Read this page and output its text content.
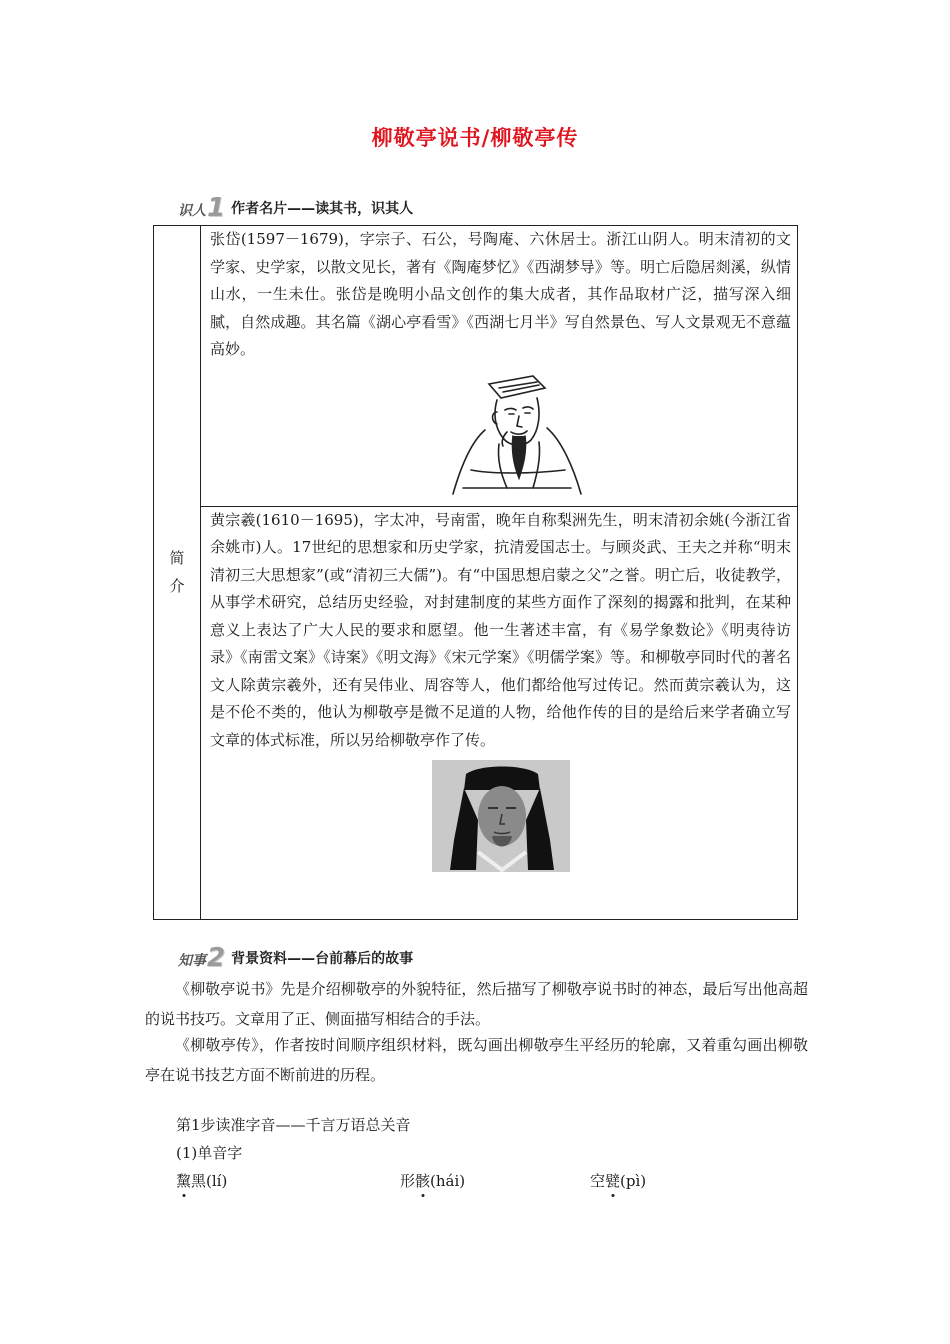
柳敬亭说书/柳敬亭传
识人 1 作者名片——读其书，识其人
简
介

张岱(1597－1679)，字宗子、石公，号陶庵、六休居士。浙江山阴人。明末清初的文学家、史学家，以散文见长，著有《陶庵梦忆》《西湖梦导》等。明亡后隐居剡溪，纵情山水，一生未仕。张岱是晚明小品文创作的集大成者，其作品取材广泛，描写深入细腻，自然成趣。其名篇《湖心亭看雪》《西湖七月半》写自然景色、写人文景观无不意蕴高妙。

黄宗羲(1610－1695)，字太冲，号南雷，晚年自称梨洲先生，明末清初余姚(今浙江省余姚市)人。17世纪的思想家和历史学家，抗清爱国志士。与顾炎武、王夫之并称“明末清初三大思想家”(或“清初三大儒”)。有“中国思想启蒙之父”之誉。明亡后，收徒教学，从事学术研究，总结历史经验，对封建制度的某些方面作了深刻的揭露和批判，在某种意义上表达了广大人民的要求和愿望。他一生著述丰富，有《易学象数论》《明夷待访录》《南雷文案》《诗案》《明文海》《宋元学案》《明儒学案》等。和柳敬亭同时代的著名文人除黄宗羲外，还有吴伟业、周容等人，他们都给他写过传记。然而黄宗羲认为，这是不伦不类的，他认为柳敬亭是微不足道的人物，给他作传的目的是给后来学者确立写文章的体式标准，所以另给柳敬亭作了传。

知事 2 背景资料——台前幕后的故事

《柳敬亭说书》先是介绍柳敬亭的外貌特征，然后描写了柳敬亭说书时的神态，最后写出他高超的说书技巧。文章用了正、侧面描写相结合的手法。

《柳敬亭传》，作者按时间顺序组织材料，既勾画出柳敬亭生平经历的轮廓，又着重勾画出柳敬亭在说书技艺方面不断前进的历程。

第1步读准字音——千言万语总关音
(1)单音字
黧黑(lí)	形骸(hái)	空甓(pì)
